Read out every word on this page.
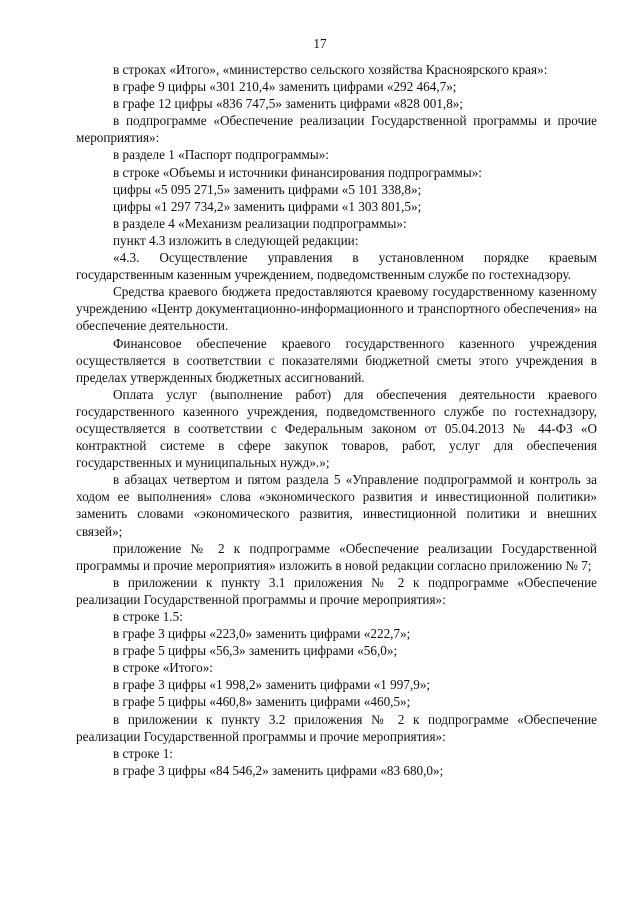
17

в строках «Итого», «министерство сельского хозяйства Красноярского края»:

в графе 9 цифры «301 210,4» заменить цифрами «292 464,7»;

в графе 12 цифры «836 747,5» заменить цифрами «828 001,8»;

в подпрограмме «Обеспечение реализации Государственной программы и прочие мероприятия»:

в разделе 1 «Паспорт подпрограммы»:

в строке «Объемы и источники финансирования подпрограммы»:

цифры «5 095 271,5» заменить цифрами «5 101 338,8»;

цифры «1 297 734,2» заменить цифрами «1 303 801,5»;

в разделе 4 «Механизм реализации подпрограммы»:

пункт 4.3 изложить в следующей редакции:

«4.3. Осуществление управления в установленном порядке краевым государственным казенным учреждением, подведомственным службе по гостехнадзору.

Средства краевого бюджета предоставляются краевому государственному казенному учреждению «Центр документационно-информационного и транспортного обеспечения» на обеспечение деятельности.

Финансовое обеспечение краевого государственного казенного учреждения осуществляется в соответствии с показателями бюджетной сметы этого учреждения в пределах утвержденных бюджетных ассигнований.

Оплата услуг (выполнение работ) для обеспечения деятельности краевого государственного казенного учреждения, подведомственного службе по гостехнадзору, осуществляется в соответствии с Федеральным законом от 05.04.2013 № 44-ФЗ «О контрактной системе в сфере закупок товаров, работ, услуг для обеспечения государственных и муниципальных нужд».»;

в абзацах четвертом и пятом раздела 5 «Управление подпрограммой и контроль за ходом ее выполнения» слова «экономического развития и инвестиционной политики» заменить словами «экономического развития, инвестиционной политики и внешних связей»;

приложение № 2 к подпрограмме «Обеспечение реализации Государственной программы и прочие мероприятия» изложить в новой редакции согласно приложению № 7;

в приложении к пункту 3.1 приложения № 2 к подпрограмме «Обеспечение реализации Государственной программы и прочие мероприятия»:

в строке 1.5:

в графе 3 цифры «223,0» заменить цифрами «222,7»;

в графе 5 цифры «56,3» заменить цифрами «56,0»;

в строке «Итого»:

в графе 3 цифры «1 998,2» заменить цифрами «1 997,9»;

в графе 5 цифры «460,8» заменить цифрами «460,5»;

в приложении к пункту 3.2 приложения № 2 к подпрограмме «Обеспечение реализации Государственной программы и прочие мероприятия»:

в строке 1:

в графе 3 цифры «84 546,2» заменить цифрами «83 680,0»;
